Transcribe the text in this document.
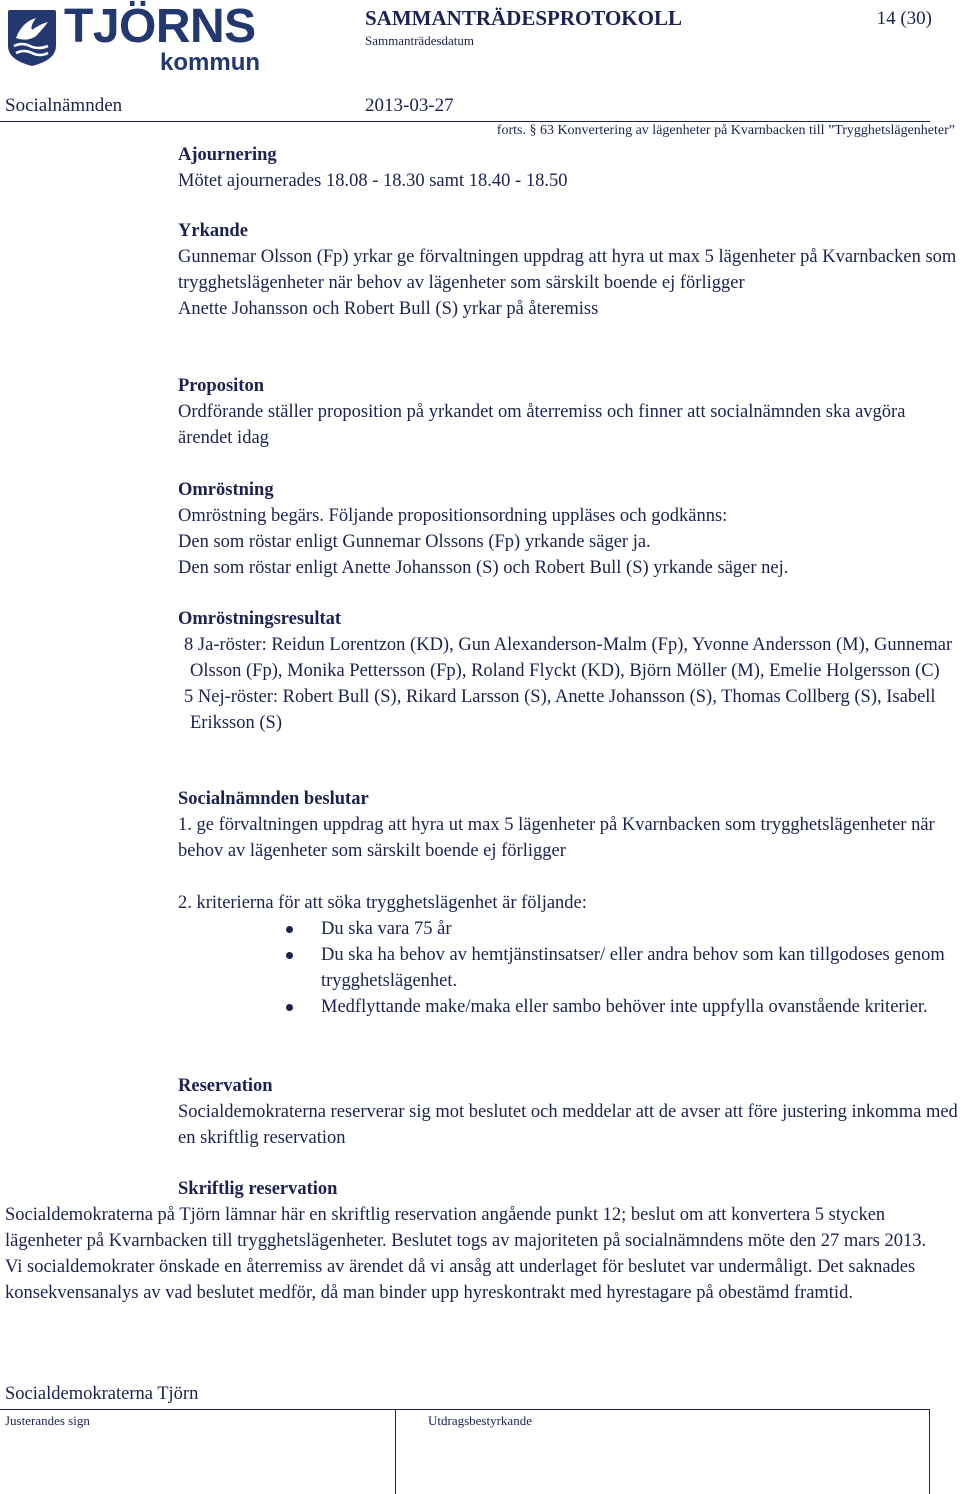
TJÖRNS
kommun
SAMMANTRÄDESPROTOKOLL
Sammanträdesdatum
14 (30)
Socialnämnden	2013-03-27
forts. § 63 Konvertering av lägenheter på Kvarnbacken till ”Trygghetslägenheter”
Ajournering
Mötet ajournerades 18.08 - 18.30 samt 18.40 - 18.50
Yrkande
Gunnemar Olsson (Fp) yrkar ge förvaltningen uppdrag att hyra ut max 5 lägenheter på Kvarnbacken som trygghetslägenheter när behov av lägenheter som särskilt boende ej förligger
Anette Johansson och Robert Bull (S) yrkar på återemiss
Propositon
Ordförande ställer proposition på yrkandet om återremiss och finner att socialnämnden ska avgöra ärendet idag
Omröstning
Omröstning begärs. Följande propositionsordning uppläses och godkänns:
Den som röstar enligt Gunnemar Olssons (Fp) yrkande säger ja.
Den som röstar enligt Anette Johansson (S) och Robert Bull (S) yrkande säger nej.
Omröstningsresultat
8 Ja-röster: Reidun Lorentzon (KD), Gun Alexanderson-Malm (Fp), Yvonne Andersson (M), Gunnemar Olsson (Fp), Monika Pettersson (Fp), Roland Flyckt (KD), Björn Möller (M), Emelie Holgersson (C)
5 Nej-röster: Robert Bull (S), Rikard Larsson (S), Anette Johansson (S), Thomas Collberg (S), Isabell Eriksson (S)
Socialnämnden beslutar
1. ge förvaltningen uppdrag att hyra ut max 5 lägenheter på Kvarnbacken som trygghetslägenheter när behov av lägenheter som särskilt boende ej förligger
2. kriterierna för att söka trygghetslägenhet är följande:
Du ska vara 75 år
Du ska ha behov av hemtjänstinsatser/ eller andra behov som kan tillgodoses genom trygghetslägenhet.
Medflyttande make/maka eller sambo behöver inte uppfylla ovanstående kriterier.
Reservation
Socialdemokraterna reserverar sig mot beslutet och meddelar att de avser att före justering inkomma med en skriftlig reservation
Skriftlig reservation
Socialdemokraterna på Tjörn lämnar här en skriftlig reservation angående punkt 12; beslut om att konvertera 5 stycken lägenheter på Kvarnbacken till trygghetslägenheter. Beslutet togs av majoriteten på socialnämndens möte den 27 mars 2013.
Vi socialdemokrater önskade en återremiss av ärendet då vi ansåg att underlaget för beslutet var undermåligt. Det saknades konsekvensanalys av vad beslutet medför, då man binder upp hyreskontrakt med hyrestagare på obestämd framtid.
Socialdemokraterna Tjörn
Justerandes sign	Utdragsbestyrkande
